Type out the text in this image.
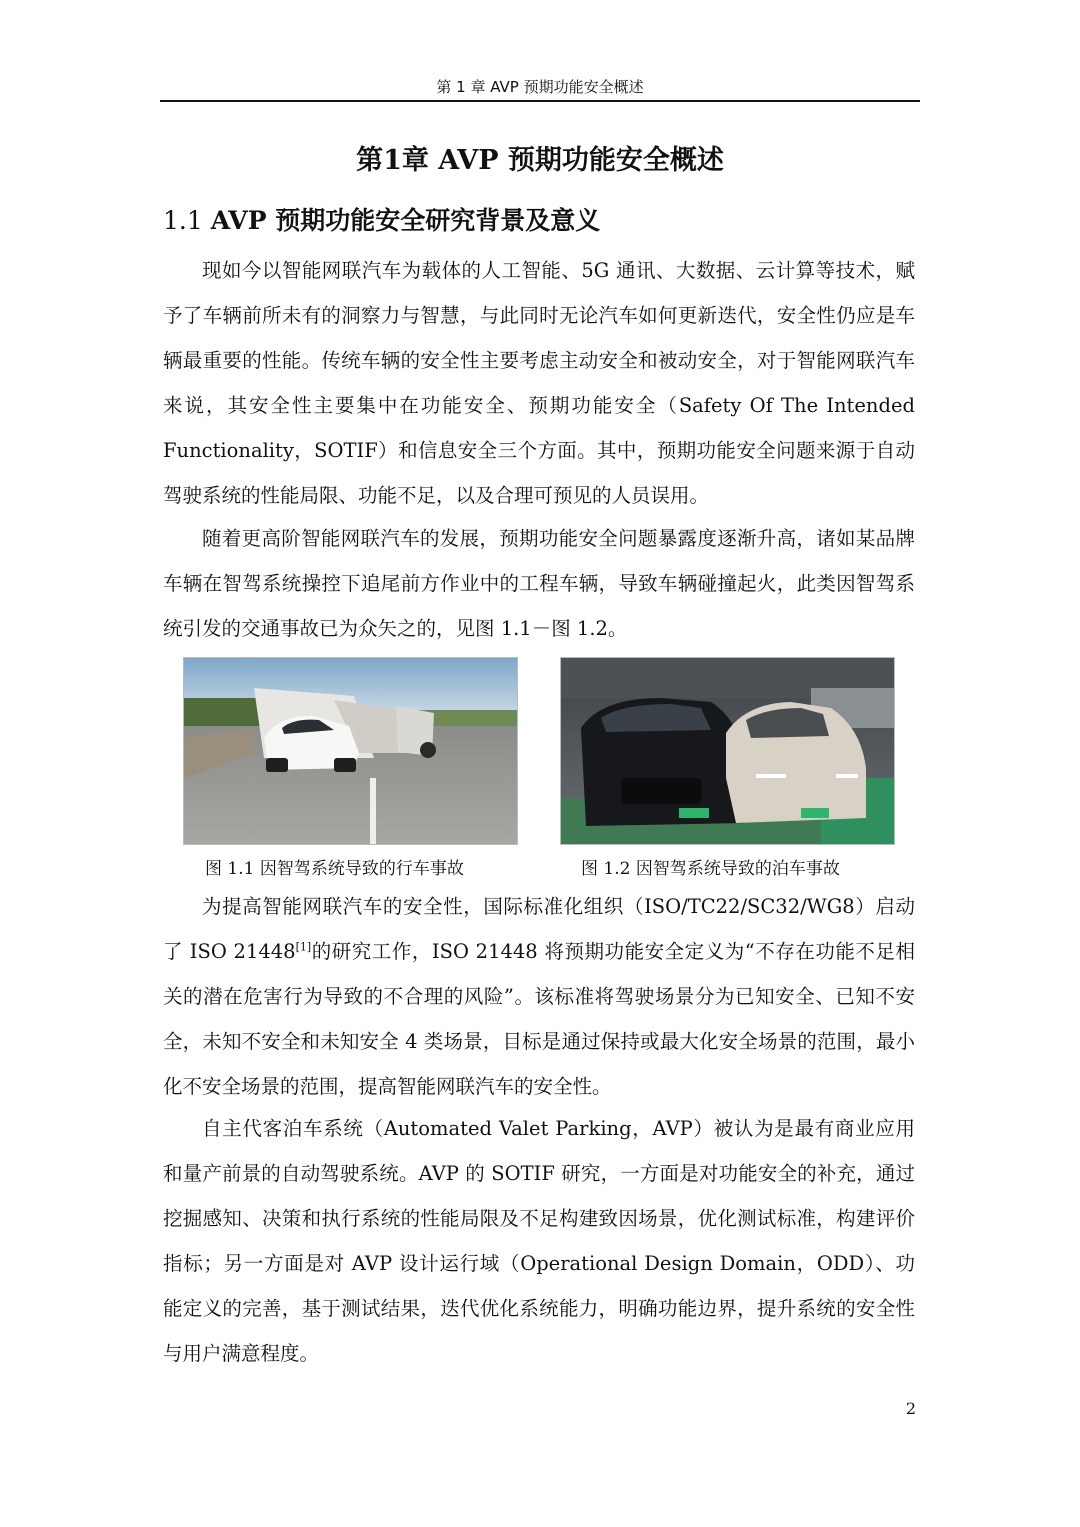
第 1 章 AVP 预期功能安全概述
第1章 AVP 预期功能安全概述
1.1 AVP 预期功能安全研究背景及意义

现如今以智能网联汽车为载体的人工智能、5G 通讯、大数据、云计算等技术，赋予了车辆前所未有的洞察力与智慧，与此同时无论汽车如何更新迭代，安全性仍应是车辆最重要的性能。传统车辆的安全性主要考虑主动安全和被动安全，对于智能网联汽车来说，其安全性主要集中在功能安全、预期功能安全（Safety Of The Intended Functionality，SOTIF）和信息安全三个方面。其中，预期功能安全问题来源于自动驾驶系统的性能局限、功能不足，以及合理可预见的人员误用。

随着更高阶智能网联汽车的发展，预期功能安全问题暴露度逐渐升高，诸如某品牌车辆在智驾系统操控下追尾前方作业中的工程车辆，导致车辆碰撞起火，此类因智驾系统引发的交通事故已为众矢之的，见图 1.1－图 1.2。

图 1.1 因智驾系统导致的行车事故	图 1.2 因智驾系统导致的泊车事故

为提高智能网联汽车的安全性，国际标准化组织（ISO/TC22/SC32/WG8）启动了 ISO 21448[1]的研究工作，ISO 21448 将预期功能安全定义为“不存在功能不足相关的潜在危害行为导致的不合理的风险”。该标准将驾驶场景分为已知安全、已知不安全，未知不安全和未知安全 4 类场景，目标是通过保持或最大化安全场景的范围，最小化不安全场景的范围，提高智能网联汽车的安全性。

自主代客泊车系统（Automated Valet Parking，AVP）被认为是最有商业应用和量产前景的自动驾驶系统。AVP 的 SOTIF 研究，一方面是对功能安全的补充，通过挖掘感知、决策和执行系统的性能局限及不足构建致因场景，优化测试标准，构建评价指标；另一方面是对 AVP 设计运行域（Operational Design Domain，ODD）、功能定义的完善，基于测试结果，迭代优化系统能力，明确功能边界，提升系统的安全性与用户满意程度。

2
